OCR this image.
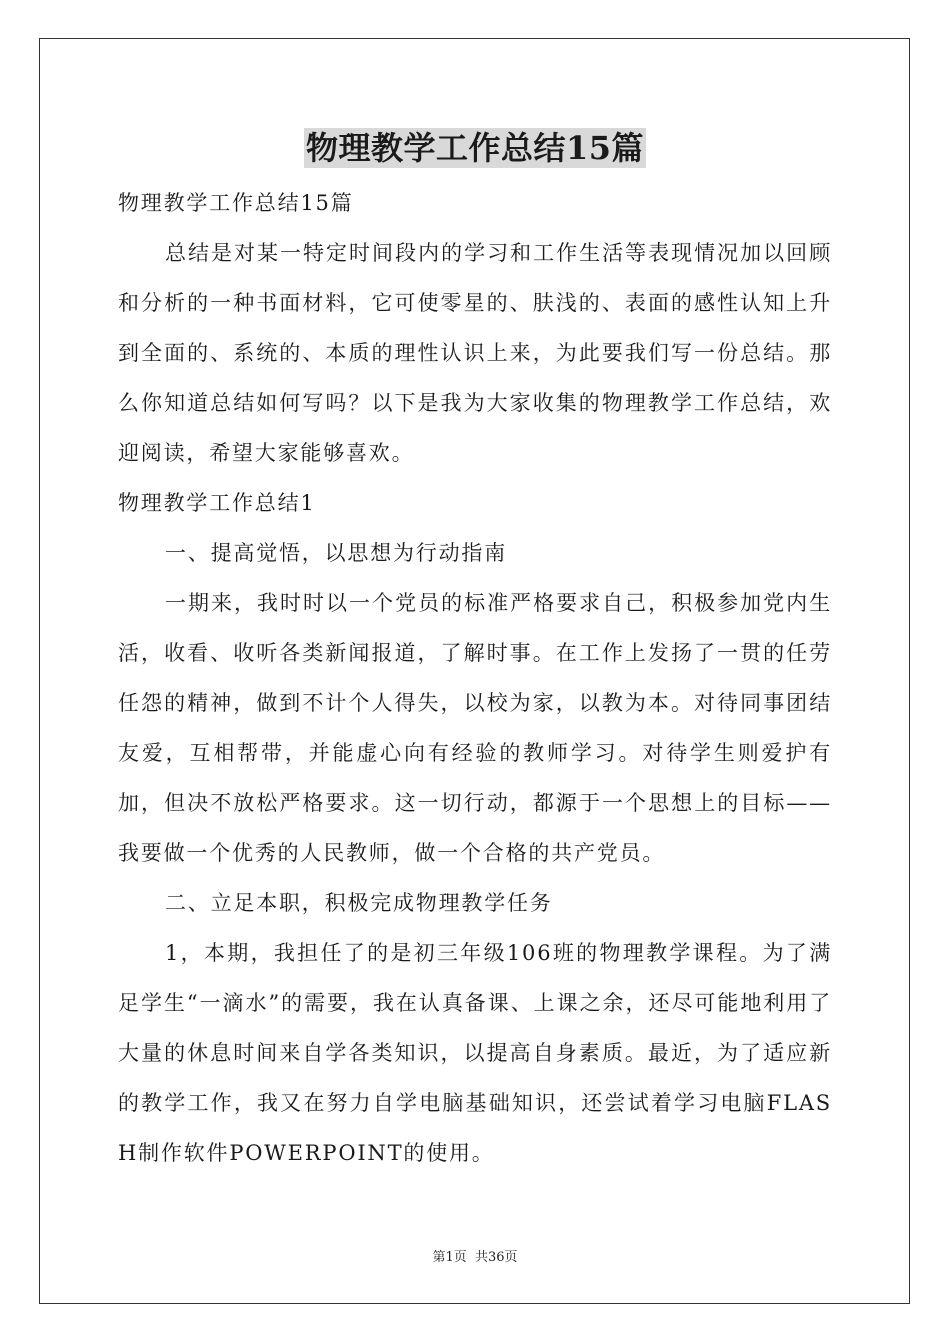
物理教学工作总结15篇

物理教学工作总结15篇

总结是对某一特定时间段内的学习和工作生活等表现情况加以回顾和分析的一种书面材料，它可使零星的、肤浅的、表面的感性认知上升到全面的、系统的、本质的理性认识上来，为此要我们写一份总结。那么你知道总结如何写吗？以下是我为大家收集的物理教学工作总结，欢迎阅读，希望大家能够喜欢。

物理教学工作总结1

一、提高觉悟，以思想为行动指南

一期来，我时时以一个党员的标准严格要求自己，积极参加党内生活，收看、收听各类新闻报道，了解时事。在工作上发扬了一贯的任劳任怨的精神，做到不计个人得失，以校为家，以教为本。对待同事团结友爱，互相帮带，并能虚心向有经验的教师学习。对待学生则爱护有加，但决不放松严格要求。这一切行动，都源于一个思想上的目标——我要做一个优秀的人民教师，做一个合格的共产党员。

二、立足本职，积极完成物理教学任务

1，本期，我担任了的是初三年级106班的物理教学课程。为了满足学生“一滴水”的需要，我在认真备课、上课之余，还尽可能地利用了大量的休息时间来自学各类知识，以提高自身素质。最近，为了适应新的教学工作，我又在努力自学电脑基础知识，还尝试着学习电脑FLASH制作软件POWERPOINT的使用。

第1页 共36页
